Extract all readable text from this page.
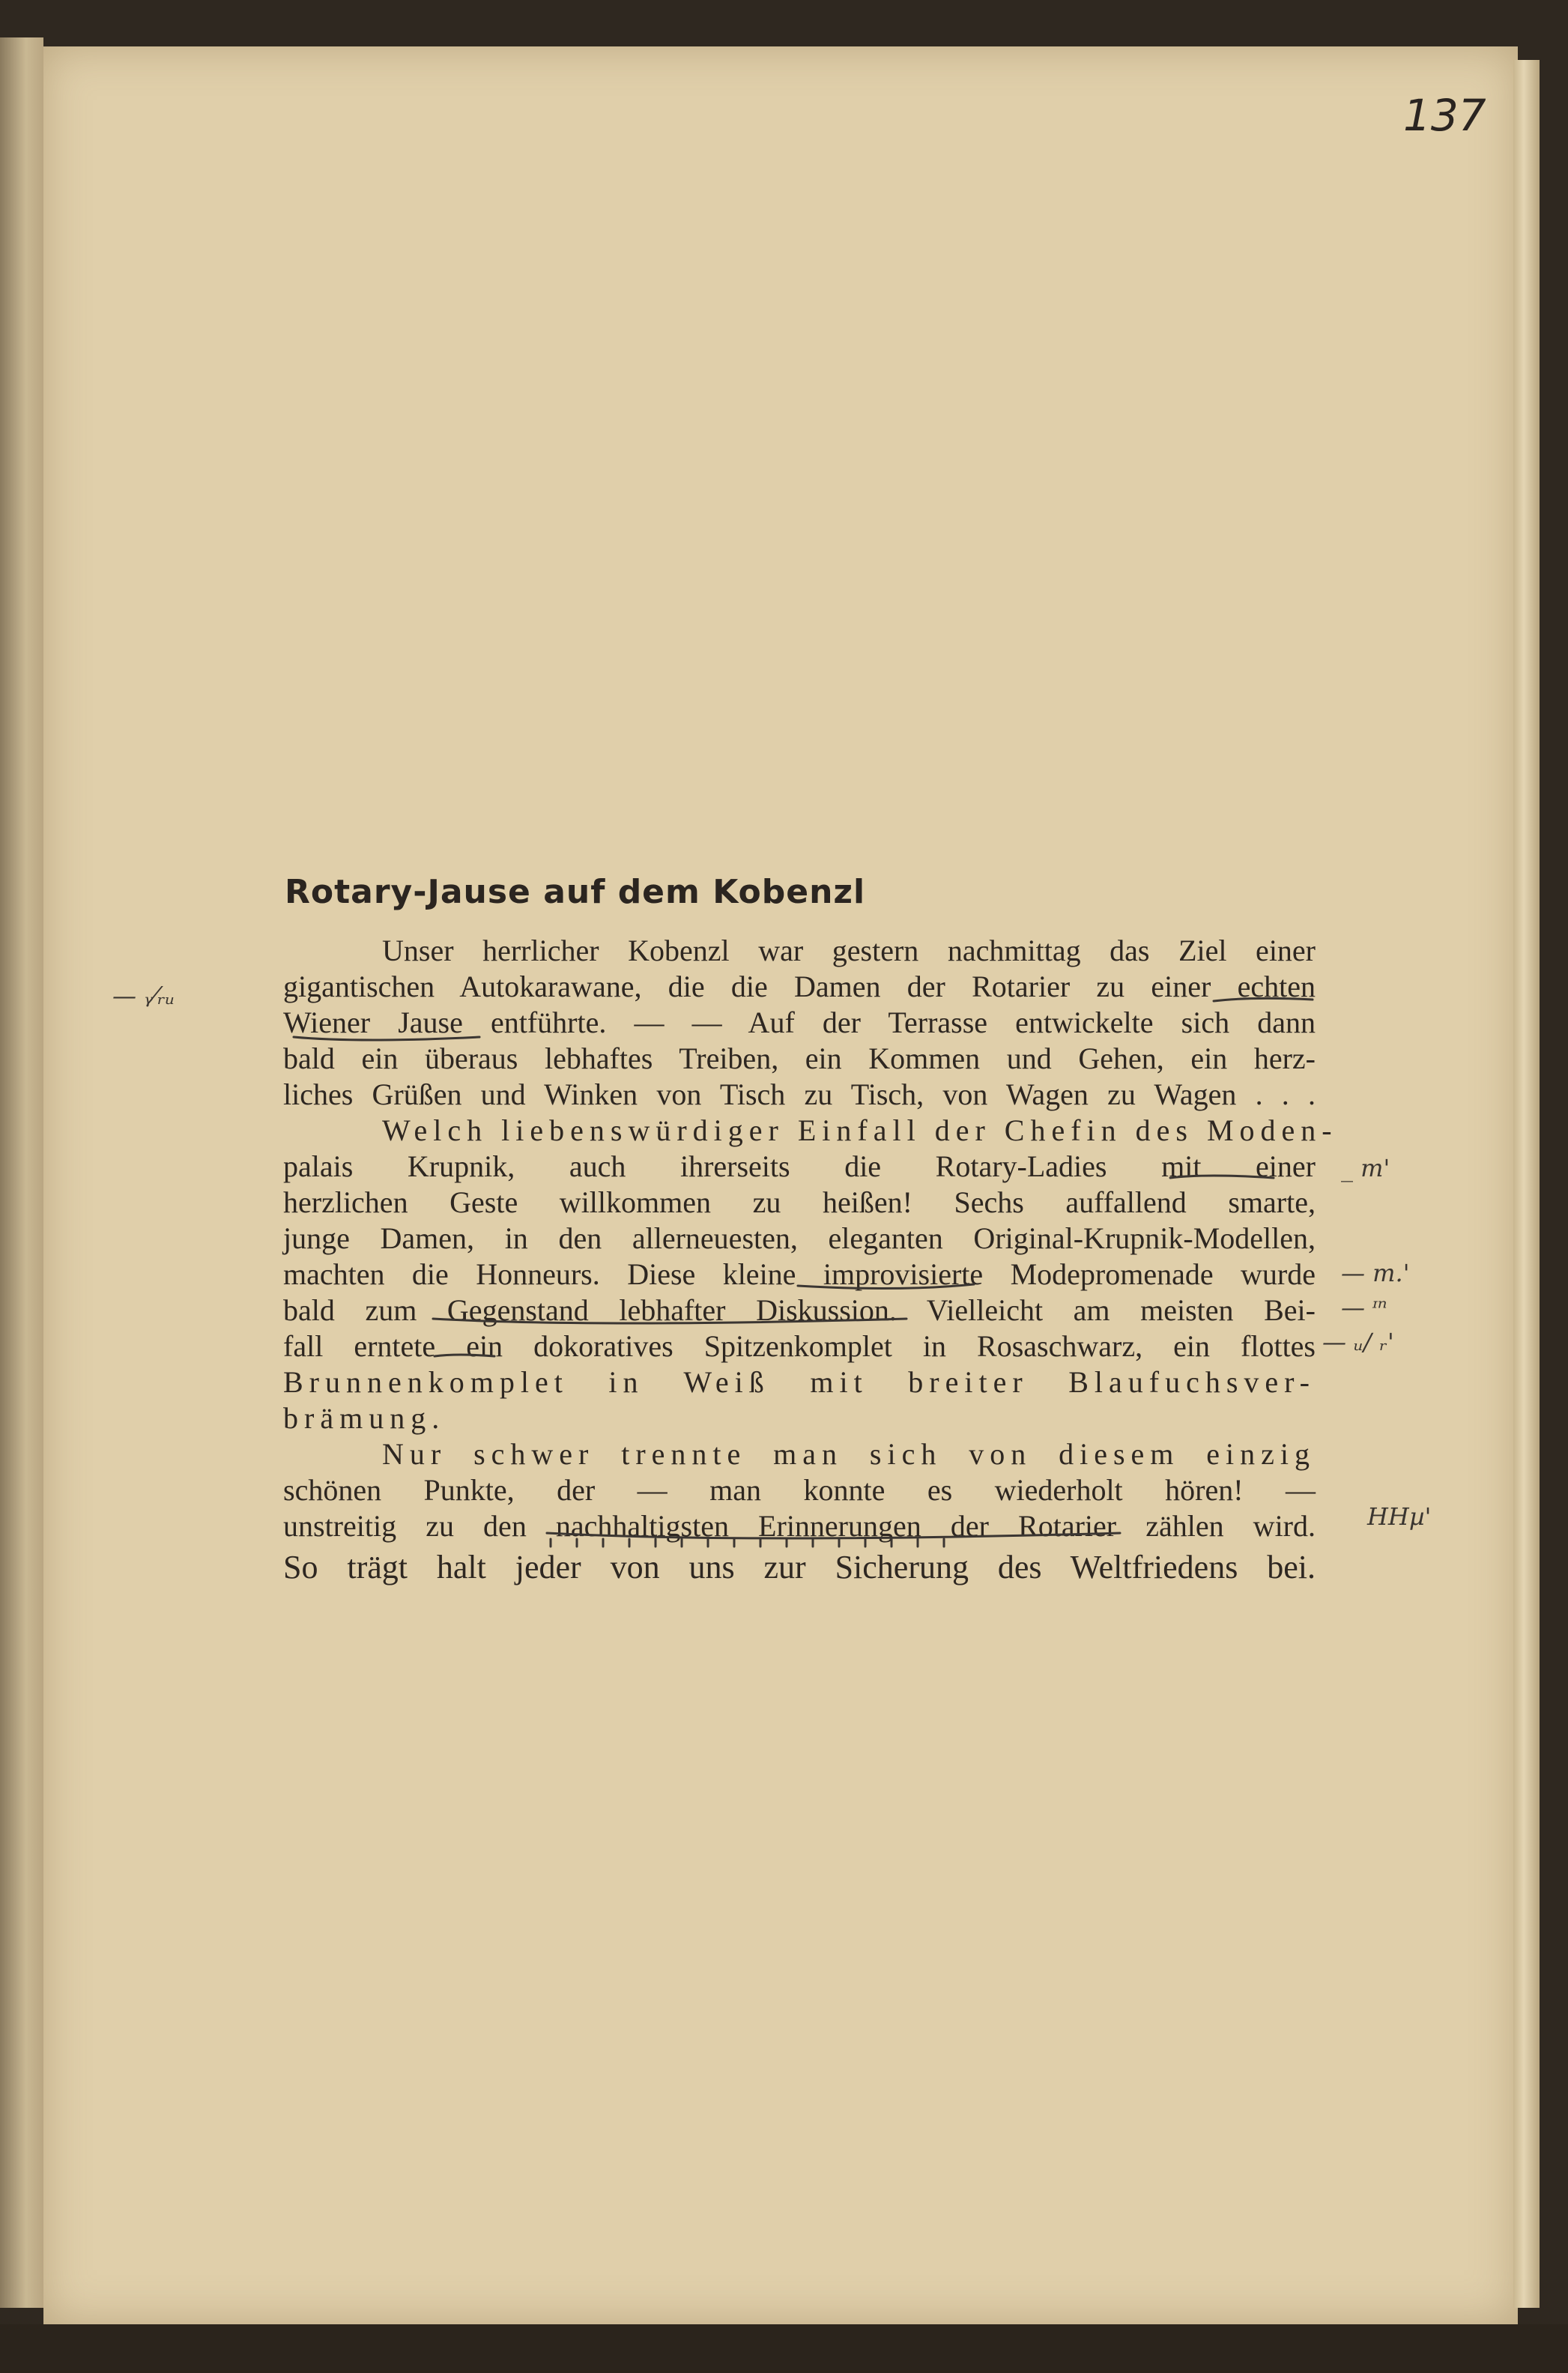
137
Rotary-Jause auf dem Kobenzl
Unser herrlicher Kobenzl war gestern nachmittag das Ziel einer
gigantischen Autokarawane, die die Damen der Rotarier zu einer echten
Wiener Jause entführte. — — Auf der Terrasse entwickelte sich dann
bald ein überaus lebhaftes Treiben, ein Kommen und Gehen, ein herz-
liches Grüßen und Winken von Tisch zu Tisch, von Wagen zu Wagen . . .
Welch liebenswürdiger Einfall der Chefin des Moden-
palais Krupnik, auch ihrerseits die Rotary-Ladies mit einer
herzlichen Geste willkommen zu heißen! Sechs auffallend smarte,
junge Damen, in den allerneuesten, eleganten Original-Krupnik-Modellen,
machten die Honneurs. Diese kleine improvisierte Modepromenade wurde
bald zum Gegenstand lebhafter Diskussion. Vielleicht am meisten Bei-
fall erntete ein dokoratives Spitzenkomplet in Rosaschwarz, ein flottes
Brunnenkomplet in Weiß mit breiter Blaufuchsver-
brämung.
Nur schwer trennte man sich von diesem einzig
schönen Punkte, der — man konnte es wiederholt hören! —
unstreitig zu den nachhaltigsten Erinnerungen der Rotarier zählen wird.
So trägt halt jeder von uns zur Sicherung des Weltfriedens bei.
— ᵧ⁄ᵣᵤ
_ m'
— m.'
— ᶦⁿ
— ᵤ/ ᵣ'
HHµ'
